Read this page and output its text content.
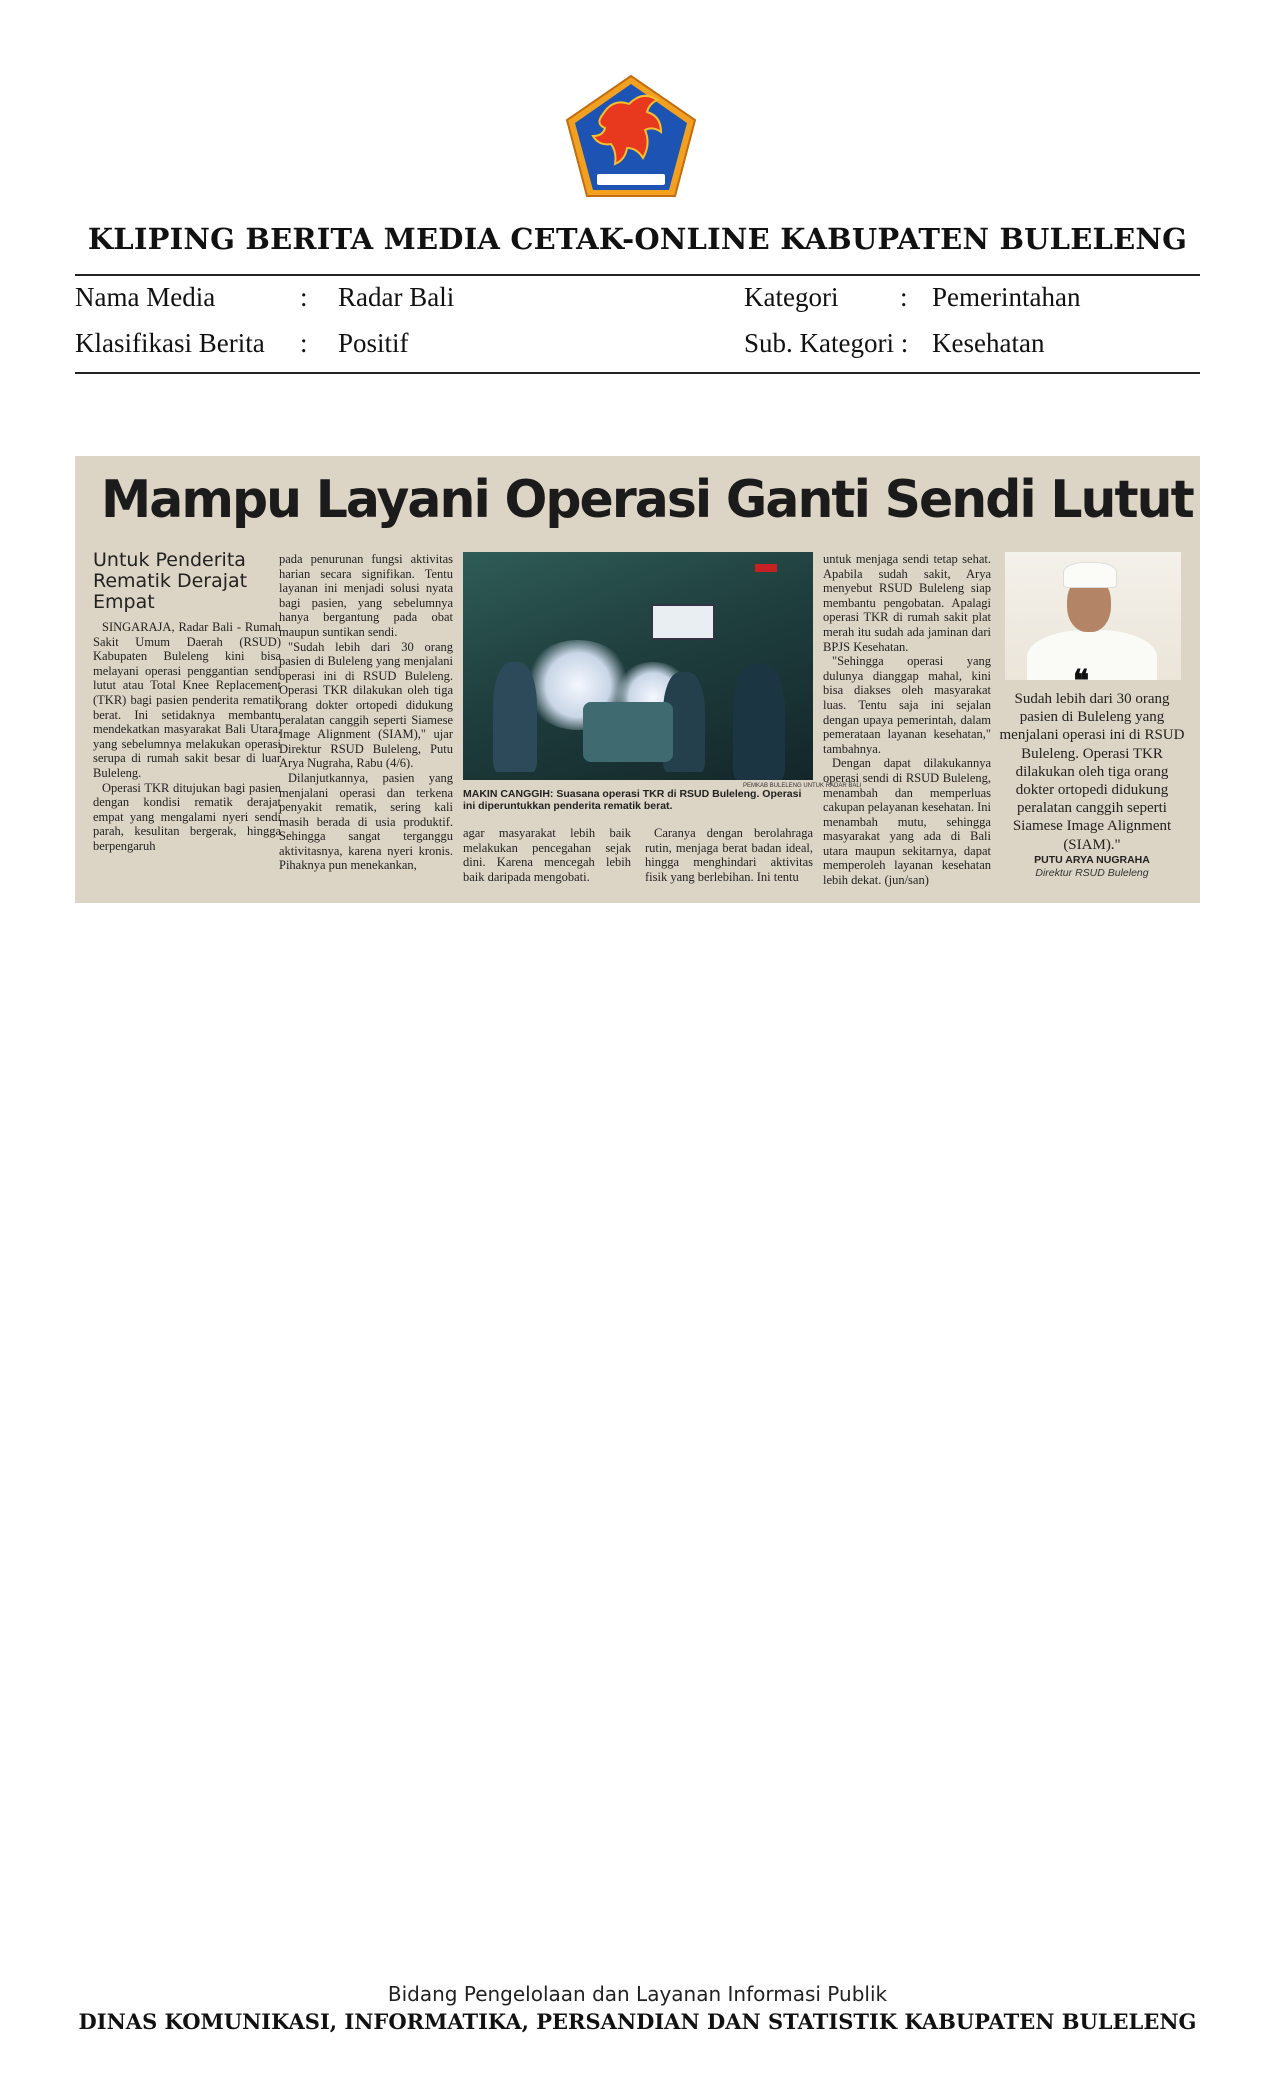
KLIPING BERITA MEDIA CETAK-ONLINE KABUPATEN BULELENG
Nama Media	: Radar Bali	Kategori : Pemerintahan
Klasifikasi Berita : Positif	Sub. Kategori : Kesehatan
Mampu Layani Operasi Ganti Sendi Lutut
Untuk Penderita Rematik Derajat Empat

SINGARAJA, Radar Bali - Rumah Sakit Umum Daerah (RSUD) Kabupaten Buleleng kini bisa melayani operasi penggantian sendi lutut atau Total Knee Replacement (TKR) bagi pasien penderita rematik berat. Ini setidaknya membantu mendekatkan masyarakat Bali Utara, yang sebelumnya melakukan operasi serupa di rumah sakit besar di luar Buleleng.

Operasi TKR ditujukan bagi pasien dengan kondisi rematik derajat empat yang mengalami nyeri sendi parah, kesulitan bergerak, hingga berpengaruh

pada penurunan fungsi aktivitas harian secara signifikan. Tentu layanan ini menjadi solusi nyata bagi pasien, yang sebelumnya hanya bergantung pada obat maupun suntikan sendi.

"Sudah lebih dari 30 orang pasien di Buleleng yang menjalani operasi ini di RSUD Buleleng. Operasi TKR dilakukan oleh tiga orang dokter ortopedi didukung peralatan canggih seperti Siamese Image Alignment (SIAM)," ujar Direktur RSUD Buleleng, Putu Arya Nugraha, Rabu (4/6).

Dilanjutkannya, pasien yang menjalani operasi dan terkena penyakit rematik, sering kali masih berada di usia produktif. Sehingga sangat terganggu aktivitasnya, karena nyeri kronis. Pihaknya pun menekankan,

PEMKAB BULELENG UNTUK RADAR BALI
MAKIN CANGGIH: Suasana operasi TKR di RSUD Buleleng. Operasi ini diperuntukkan penderita rematik berat.

agar masyarakat lebih baik melakukan pencegahan sejak dini. Karena mencegah lebih baik daripada mengobati.

Caranya dengan berolahraga rutin, menjaga berat badan ideal, hingga menghindari aktivitas fisik yang berlebihan. Ini tentu

untuk menjaga sendi tetap sehat. Apabila sudah sakit, Arya menyebut RSUD Buleleng siap membantu pengobatan. Apalagi operasi TKR di rumah sakit plat merah itu sudah ada jaminan dari BPJS Kesehatan.

"Sehingga operasi yang dulunya dianggap mahal, kini bisa diakses oleh masyarakat luas. Tentu saja ini sejalan dengan upaya pemerintah, dalam pemerataan layanan kesehatan," tambahnya.

Dengan dapat dilakukannya operasi sendi di RSUD Buleleng, menambah dan memperluas cakupan pelayanan kesehatan. Ini menambah mutu, sehingga masyarakat yang ada di Bali utara maupun sekitarnya, dapat memperoleh layanan kesehatan lebih dekat. (jun/san)

❝
Sudah lebih dari 30 orang pasien di Buleleng yang menjalani operasi ini di RSUD Buleleng. Operasi TKR dilakukan oleh tiga orang dokter ortopedi didukung peralatan canggih seperti Siamese Image Alignment (SIAM)."
PUTU ARYA NUGRAHA
Direktur RSUD Buleleng
Bidang Pengelolaan dan Layanan Informasi Publik
DINAS KOMUNIKASI, INFORMATIKA, PERSANDIAN DAN STATISTIK KABUPATEN BULELENG
